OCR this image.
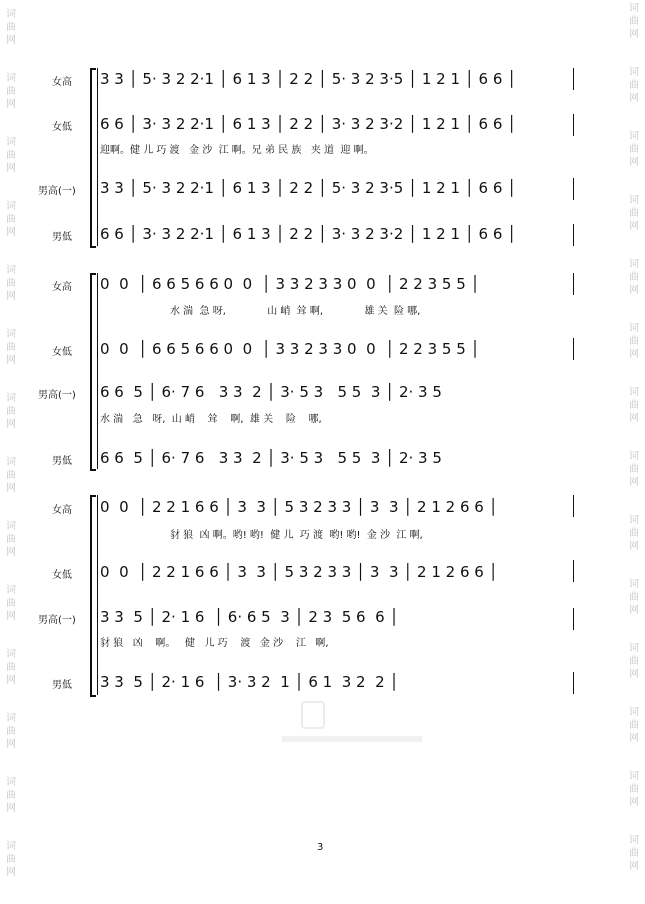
词
曲
网
词
曲
网
词
曲
网
词
曲
网
词
曲
网
词
曲
网
词
曲
网
词
曲
网
词
曲
网
词
曲
网
词
曲
网
词
曲
网
词
曲
网
词
曲
网
词
曲
网
词
曲
网
词
曲
网
词
曲
网
词
曲
网
词
曲
网
词
曲
网
词
曲
网
词
曲
网
词
曲
网
词
曲
网
词
曲
网
词
曲
网
词
曲
网
女高 3 3 │ 5· 3 2 2·1 │ 6 1 3 │ 2 2 │ 5· 3 2 3·5 │ 1 2 1 │ 6 6 │
女低 6 6 │ 3· 3 2 2·1 │ 6 1 3 │ 2 2 │ 3· 3 2 3·2 │ 1 2 1 │ 6 6 │
迎啊。健 儿 巧 渡   金 沙  江 啊。兄 弟 民 族   夹 道  迎 啊。
男高(一) 3 3 │ 5· 3 2 2·1 │ 6 1 3 │ 2 2 │ 5· 3 2 3·5 │ 1 2 1 │ 6 6 │
男低 6 6 │ 3· 3 2 2·1 │ 6 1 3 │ 2 2 │ 3· 3 2 3·2 │ 1 2 1 │ 6 6 │
女高 0  0  │ 6 6 5 6 6 0  0  │ 3 3 2 3 3 0  0  │ 2 2 3 5 5 │
水 湍  急 呀,             山 峭  耸 啊,             雄 关  险 哪,
女低 0  0  │ 6 6 5 6 6 0  0  │ 3 3 2 3 3 0  0  │ 2 2 3 5 5 │
男高(一) 6 6  5 │ 6· 7 6   3 3  2 │ 3· 5 3   5 5  3 │ 2· 3 5
水 湍   急   呀,  山 峭    耸    啊,  雄 关    险    哪,
男低 6 6  5 │ 6· 7 6   3 3  2 │ 3· 5 3   5 5  3 │ 2· 3 5
女高 0  0  │ 2 2 1 6 6 │ 3  3 │ 5 3 2 3 3 │ 3  3 │ 2 1 2 6 6 │
豺 狼  凶 啊。哟! 哟!  健 儿  巧 渡  哟! 哟!  金 沙  江 啊,
女低 0  0  │ 2 2 1 6 6 │ 3  3 │ 5 3 2 3 3 │ 3  3 │ 2 1 2 6 6 │
男高(一) 3 3  5 │ 2· 1 6  │ 6· 6 5  3 │ 2 3  5 6  6 │
豺 狼   凶    啊。   健   儿 巧    渡   金 沙    江   啊,
男低 3 3  5 │ 2· 1 6  │ 3· 3 2  1 │ 6 1  3 2  2 │
3
